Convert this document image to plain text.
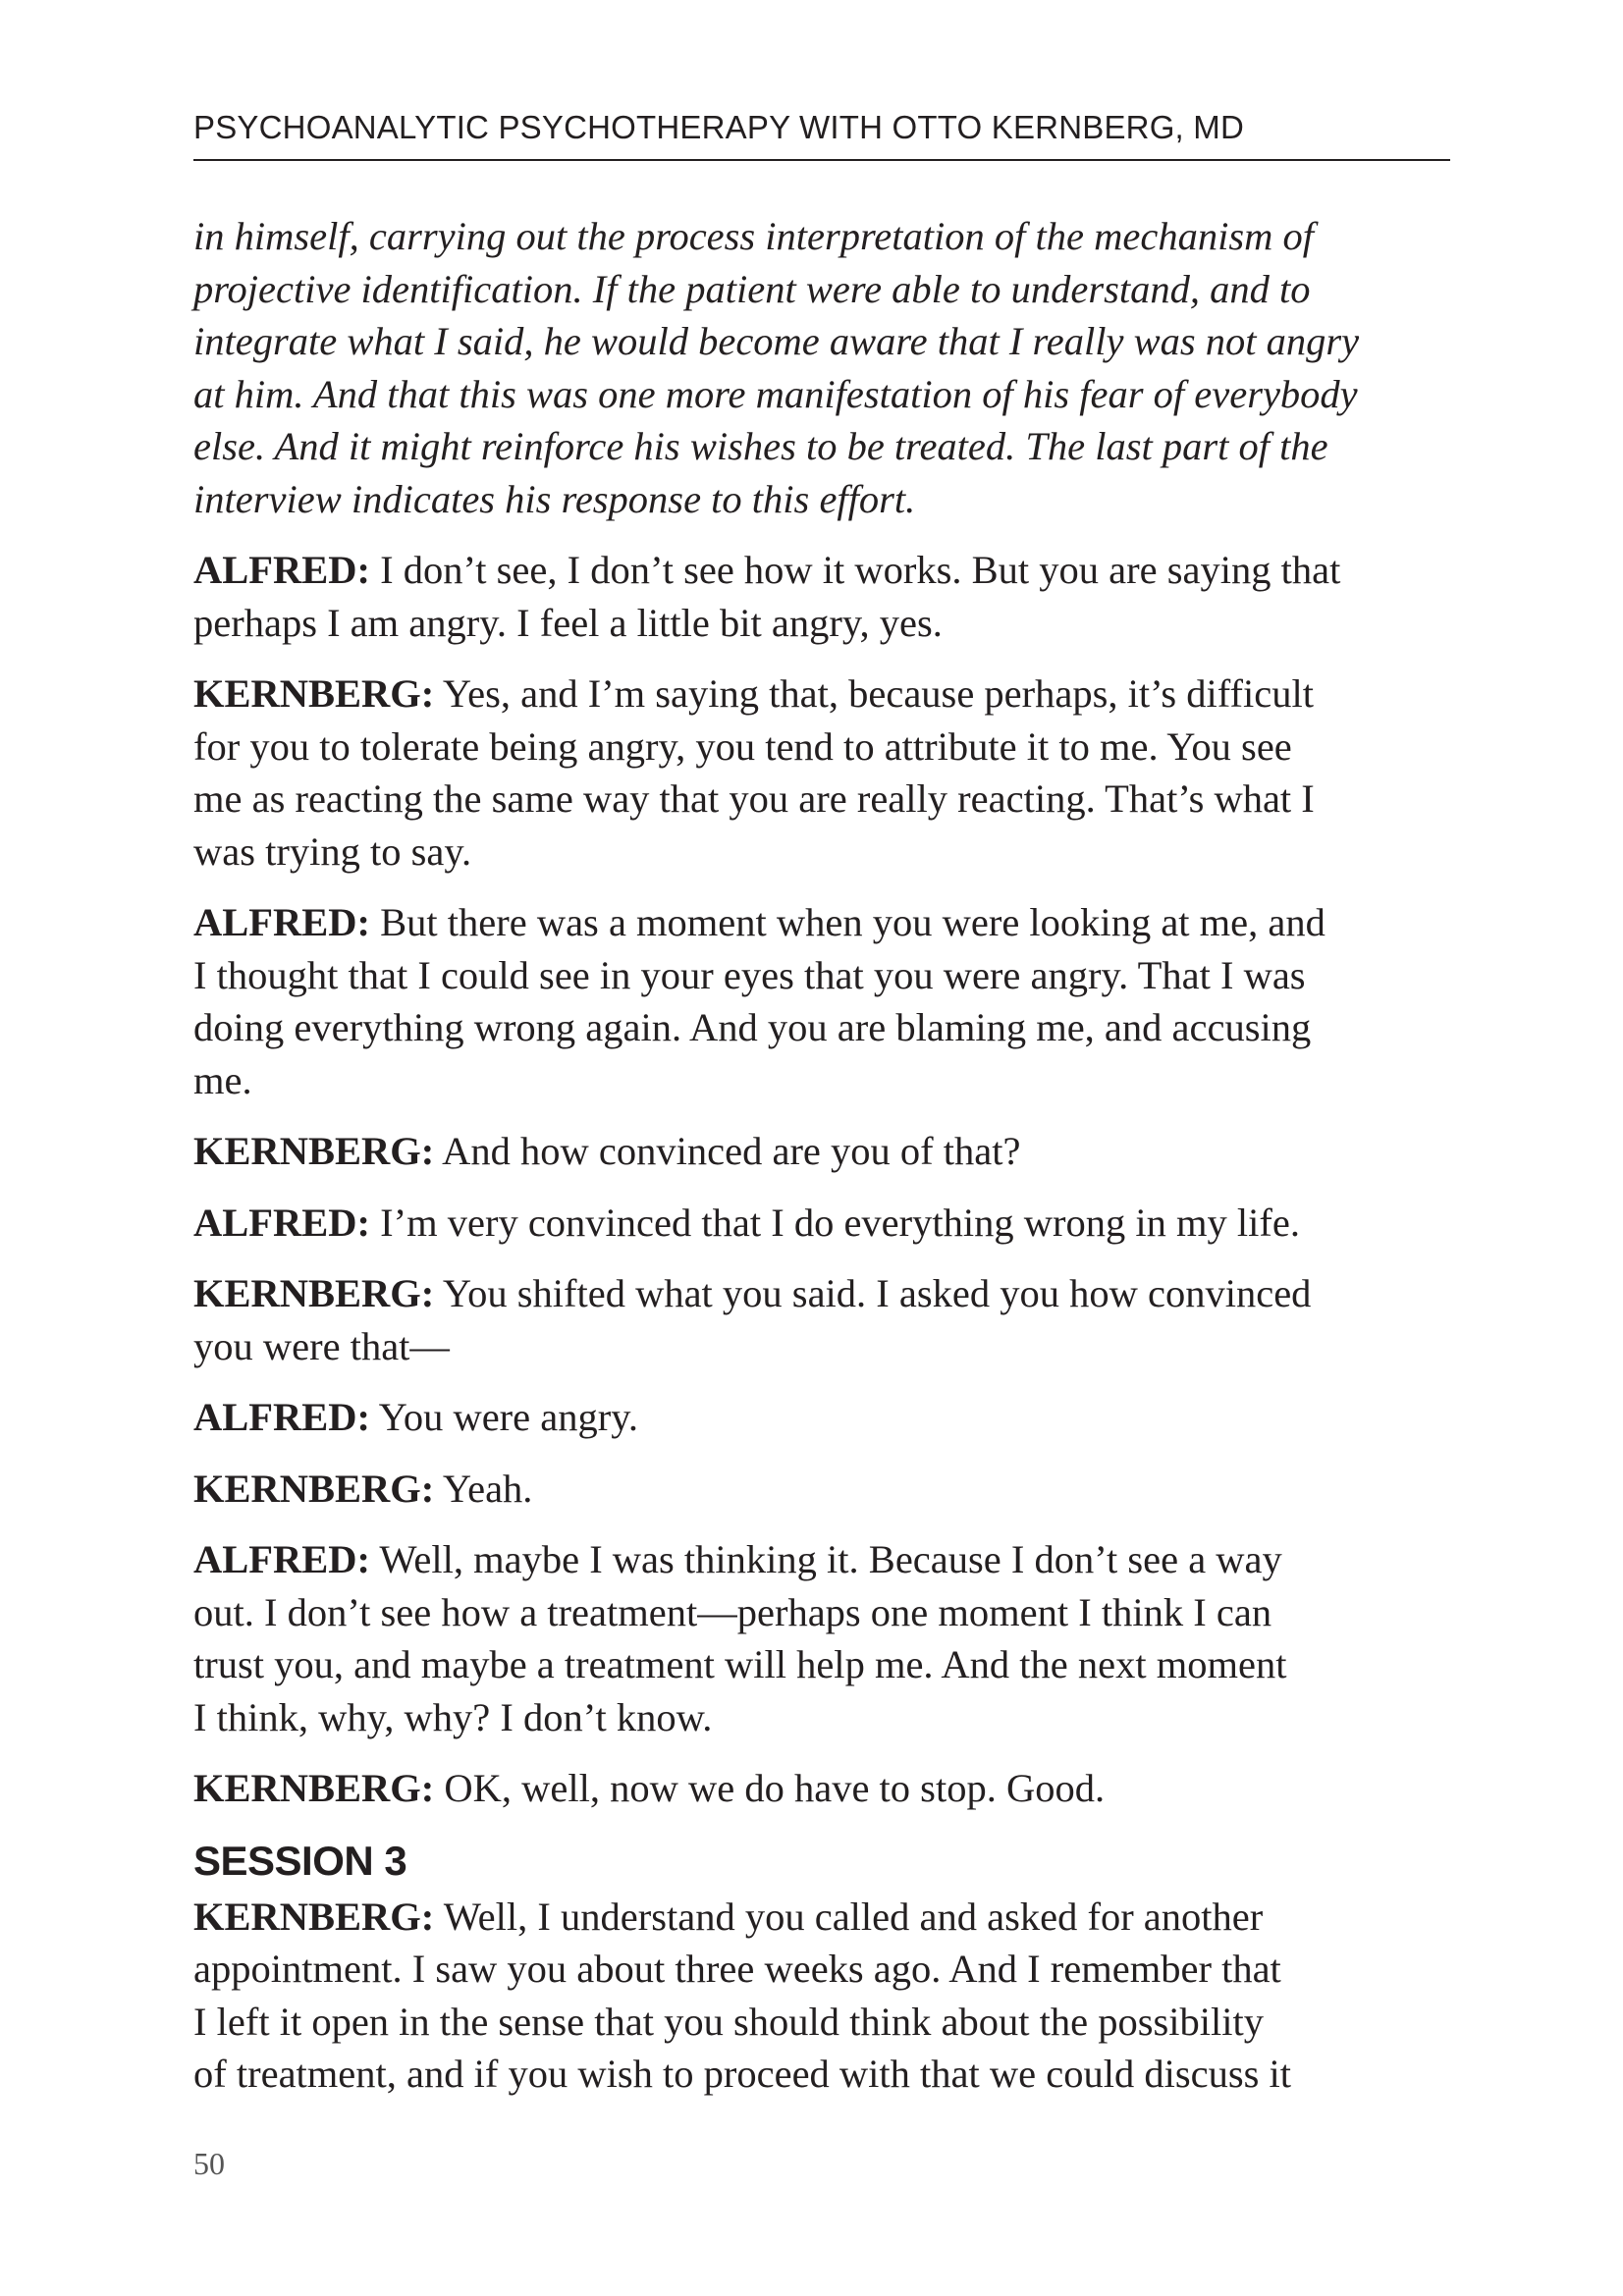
PSYCHOANALYTIC PSYCHOTHERAPY WITH OTTO KERNBERG, MD
in himself, carrying out the process interpretation of the mechanism of
projective identification. If the patient were able to understand, and to
integrate what I said, he would become aware that I really was not angry
at him. And that this was one more manifestation of his fear of everybody
else. And it might reinforce his wishes to be treated. The last part of the
interview indicates his response to this effort.
ALFRED: I don’t see, I don’t see how it works. But you are saying that
perhaps I am angry. I feel a little bit angry, yes.
KERNBERG: Yes, and I’m saying that, because perhaps, it’s difficult
for you to tolerate being angry, you tend to attribute it to me. You see
me as reacting the same way that you are really reacting. That’s what I
was trying to say.
ALFRED: But there was a moment when you were looking at me, and
I thought that I could see in your eyes that you were angry. That I was
doing everything wrong again. And you are blaming me, and accusing
me.
KERNBERG: And how convinced are you of that?
ALFRED: I’m very convinced that I do everything wrong in my life.
KERNBERG: You shifted what you said. I asked you how convinced
you were that—
ALFRED: You were angry.
KERNBERG: Yeah.
ALFRED: Well, maybe I was thinking it. Because I don’t see a way
out. I don’t see how a treatment—perhaps one moment I think I can
trust you, and maybe a treatment will help me. And the next moment
I think, why, why? I don’t know.
KERNBERG: OK, well, now we do have to stop. Good.
SESSION 3
KERNBERG: Well, I understand you called and asked for another
appointment. I saw you about three weeks ago. And I remember that
I left it open in the sense that you should think about the possibility
of treatment, and if you wish to proceed with that we could discuss it
50
